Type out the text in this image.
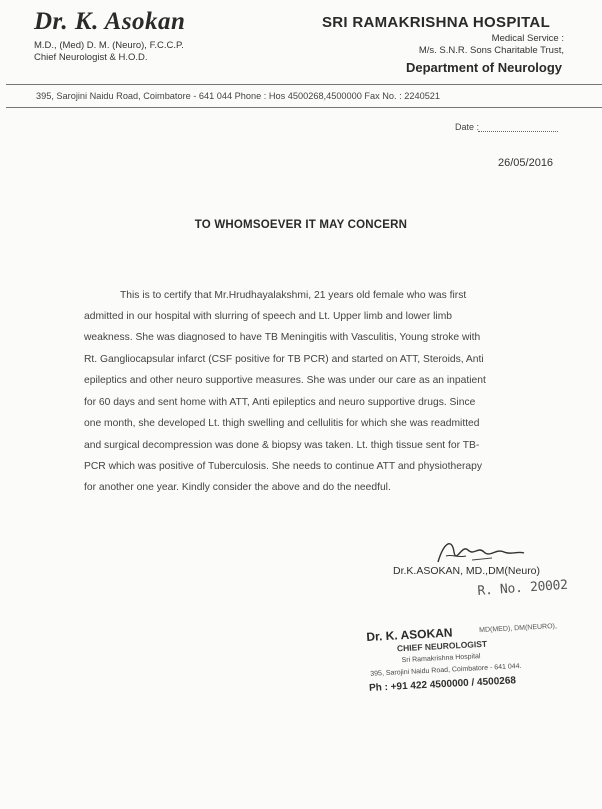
Dr. K. Asokan
M.D., (Med) D. M. (Neuro), F.C.C.P.
Chief Neurologist & H.O.D.
SRI RAMAKRISHNA HOSPITAL
Medical Service :
M/s. S.N.R. Sons Charitable Trust,
Department of Neurology
395, Sarojini Naidu Road, Coimbatore - 641 044 Phone : Hos 4500268,4500000 Fax No. : 2240521
Date :
26/05/2016
TO WHOMSOEVER IT MAY CONCERN
This is to certify that Mr.Hrudhayalakshmi, 21 years old female who was first
admitted in our hospital with slurring of speech and Lt. Upper limb and lower limb
weakness. She was diagnosed to have TB Meningitis with Vasculitis, Young stroke with
Rt. Gangliocapsular infarct (CSF positive for TB PCR) and started on ATT, Steroids, Anti
epileptics and other neuro supportive measures. She was under our care as an inpatient
for 60 days and sent home with ATT, Anti epileptics and neuro supportive drugs. Since
one month, she developed Lt. thigh swelling and cellulitis for which she was readmitted
and surgical decompression was done & biopsy was taken. Lt. thigh tissue sent for TB-
PCR which was positive of Tuberculosis. She needs to continue ATT and physiotherapy
for another one year. Kindly consider the above and do the needful.
Dr.K.ASOKAN, MD.,DM(Neuro)
R. No. 20002
Dr. K. ASOKAN	MD(MED), DM(NEURO),
CHIEF NEUROLOGIST
Sri Ramakrishna Hospital
395, Sarojini Naidu Road, Coimbatore - 641 044.
Ph : +91 422 4500000 / 4500268
